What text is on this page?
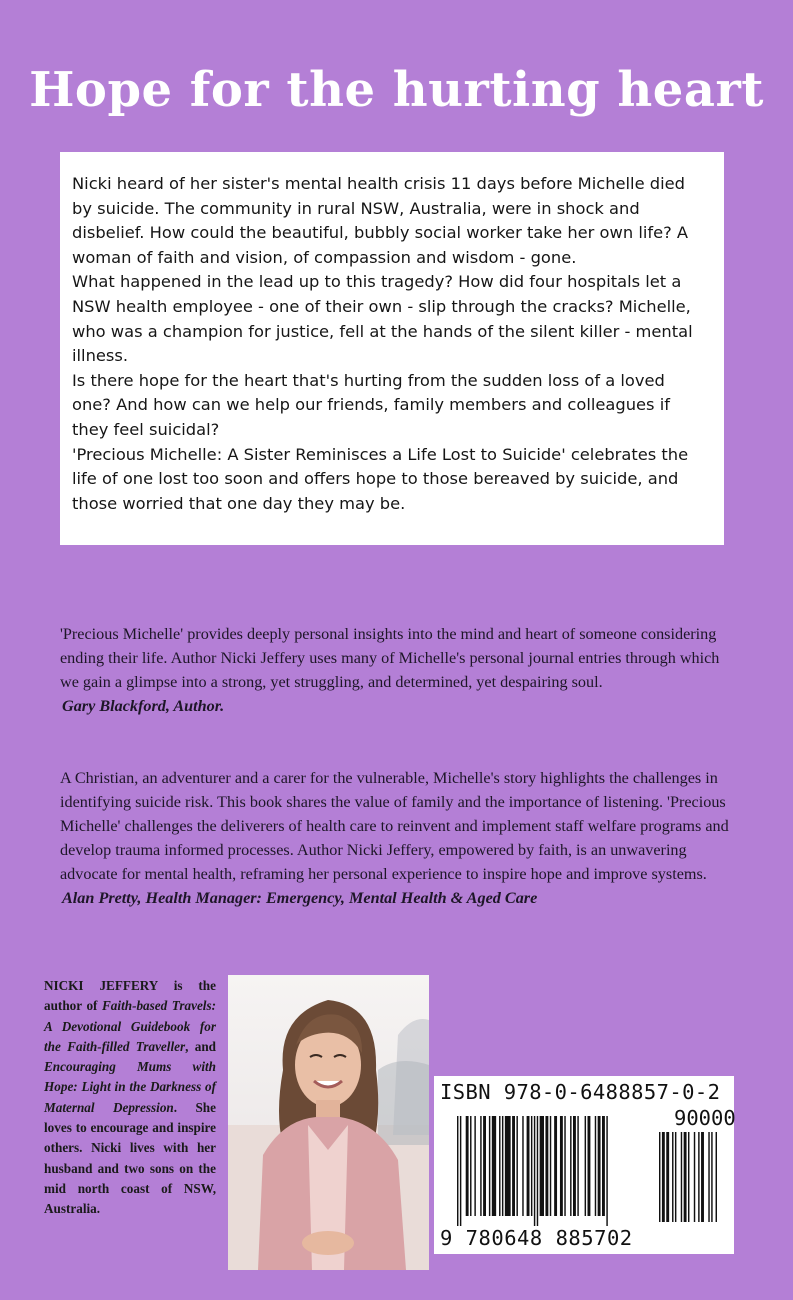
Hope for the hurting heart

Nicki heard of her sister's mental health crisis 11 days before Michelle died by suicide. The community in rural NSW, Australia, were in shock and disbelief. How could the beautiful, bubbly social worker take her own life? A woman of faith and vision, of compassion and wisdom - gone.

What happened in the lead up to this tragedy? How did four hospitals let a NSW health employee - one of their own - slip through the cracks? Michelle, who was a champion for justice, fell at the hands of the silent killer - mental illness.

Is there hope for the heart that's hurting from the sudden loss of a loved one? And how can we help our friends, family members and colleagues if they feel suicidal?

'Precious Michelle: A Sister Reminisces a Life Lost to Suicide' celebrates the life of one lost too soon and offers hope to those bereaved by suicide, and those worried that one day they may be.

'Precious Michelle' provides deeply personal insights into the mind and heart of someone considering ending their life. Author Nicki Jeffery uses many of Michelle's personal journal entries through which we gain a glimpse into a strong, yet struggling, and determined, yet despairing soul.

Gary Blackford, Author.

A Christian, an adventurer and a carer for the vulnerable, Michelle's story highlights the challenges in identifying suicide risk. This book shares the value of family and the importance of listening. 'Precious Michelle' challenges the deliverers of health care to reinvent and implement staff welfare programs and develop trauma informed processes. Author Nicki Jeffery, empowered by faith, is an unwavering advocate for mental health, reframing her personal experience to inspire hope and improve systems.

Alan Pretty, Health Manager: Emergency, Mental Health & Aged Care

NICKI JEFFERY is the author of Faith-based Travels: A Devotional Guidebook for the Faith-filled Traveller, and Encouraging Mums with Hope: Light in the Darkness of Maternal Depression. She loves to encourage and inspire others. Nicki lives with her husband and two sons on the mid north coast of NSW, Australia.

ISBN 978-0-6488857-0-2
90000
9 780648 885702
